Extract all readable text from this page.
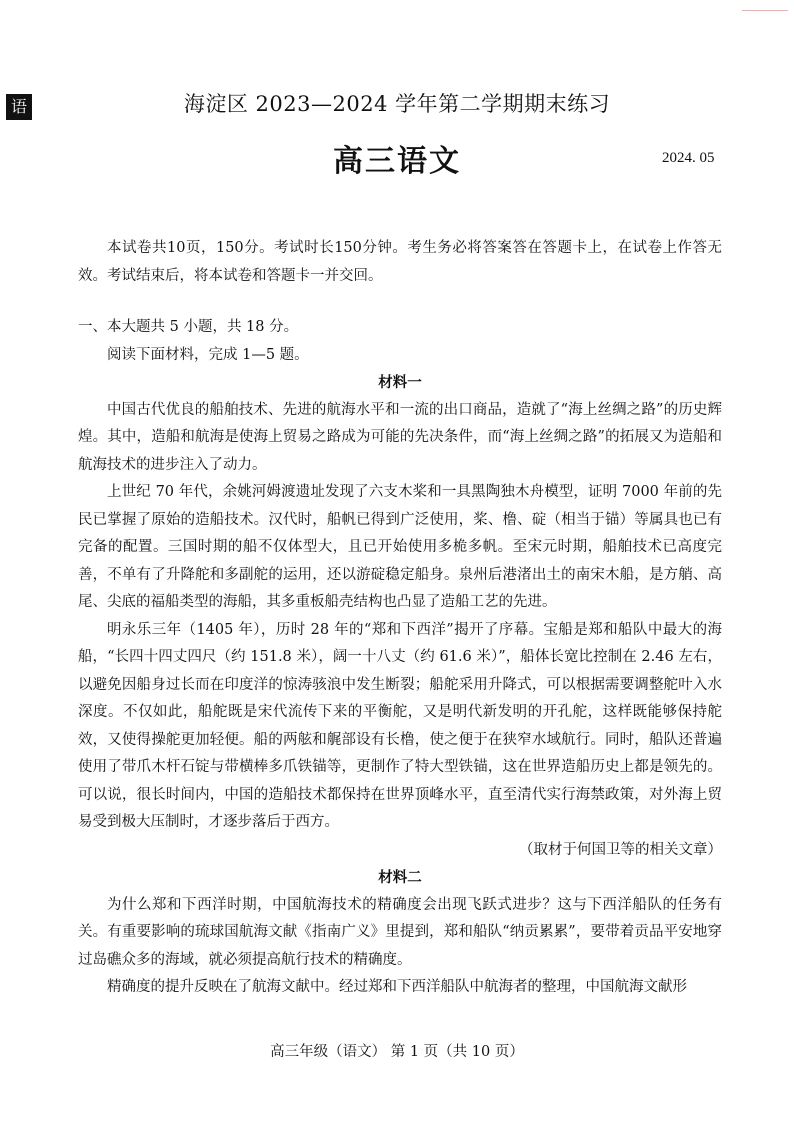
语	海淀区 2023—2024 学年第二学期期末练习
高三语文	2024. 05

本试卷共10页，150分。考试时长150分钟。考生务必将答案答在答题卡上，在试卷上作答无效。考试结束后，将本试卷和答题卡一并交回。

一、本大题共 5 小题，共 18 分。

阅读下面材料，完成 1—5 题。

材料一

中国古代优良的船舶技术、先进的航海水平和一流的出口商品，造就了“海上丝绸之路”的历史辉煌。其中，造船和航海是使海上贸易之路成为可能的先决条件，而“海上丝绸之路”的拓展又为造船和航海技术的进步注入了动力。

上世纪 70 年代，余姚河姆渡遗址发现了六支木桨和一具黑陶独木舟模型，证明 7000 年前的先民已掌握了原始的造船技术。汉代时，船帆已得到广泛使用，桨、橹、碇（相当于锚）等属具也已有完备的配置。三国时期的船不仅体型大，且已开始使用多桅多帆。至宋元时期，船舶技术已高度完善，不单有了升降舵和多副舵的运用，还以游碇稳定船身。泉州后港渚出土的南宋木船，是方艄、高尾、尖底的福船类型的海船，其多重板船壳结构也凸显了造船工艺的先进。

明永乐三年（1405 年），历时 28 年的“郑和下西洋”揭开了序幕。宝船是郑和船队中最大的海船，“长四十四丈四尺（约 151.8 米），阔一十八丈（约 61.6 米）”，船体长宽比控制在 2.46 左右，以避免因船身过长而在印度洋的惊涛骇浪中发生断裂；船舵采用升降式，可以根据需要调整舵叶入水深度。不仅如此，船舵既是宋代流传下来的平衡舵，又是明代新发明的开孔舵，这样既能够保持舵效，又使得操舵更加轻便。船的两舷和艉部设有长橹，使之便于在狭窄水域航行。同时，船队还普遍使用了带爪木杆石锭与带横棒多爪铁锚等，更制作了特大型铁锚，这在世界造船历史上都是领先的。可以说，很长时间内，中国的造船技术都保持在世界顶峰水平，直至清代实行海禁政策，对外海上贸易受到极大压制时，才逐步落后于西方。

（取材于何国卫等的相关文章）

材料二

为什么郑和下西洋时期，中国航海技术的精确度会出现飞跃式进步？这与下西洋船队的任务有关。有重要影响的琉球国航海文献《指南广义》里提到，郑和船队“纳贡累累”，要带着贡品平安地穿过岛礁众多的海域，就必须提高航行技术的精确度。

精确度的提升反映在了航海文献中。经过郑和下西洋船队中航海者的整理，中国航海文献形

高三年级（语文） 第 1 页（共 10 页）
